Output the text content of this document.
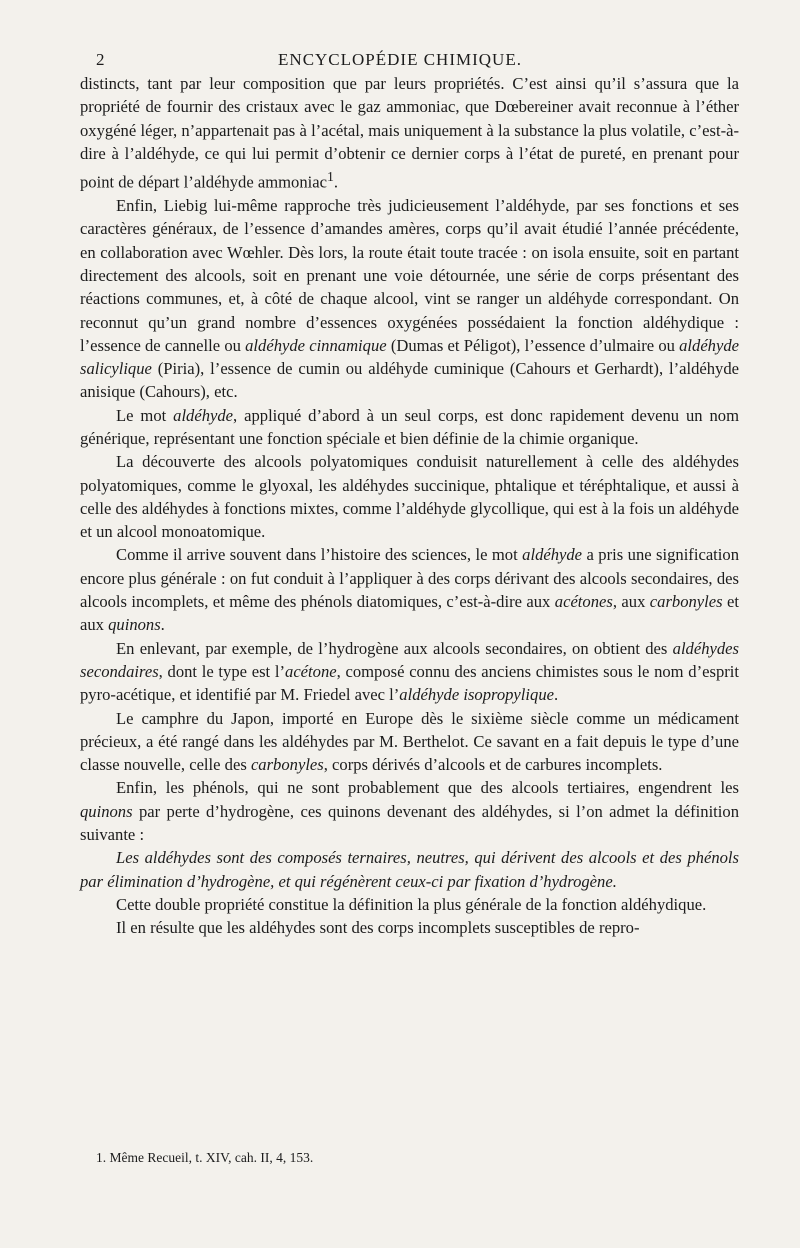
2	ENCYCLOPÉDIE CHIMIQUE.

distincts, tant par leur composition que par leurs propriétés. C’est ainsi qu’il s’assura que la propriété de fournir des cristaux avec le gaz ammoniac, que Dœbereiner avait reconnue à l’éther oxygéné léger, n’appartenait pas à l’acétal, mais uniquement à la substance la plus volatile, c’est-à-dire à l’aldéhyde, ce qui lui permit d’obtenir ce dernier corps à l’état de pureté, en prenant pour point de départ l’aldéhyde ammoniac$^1$.

Enfin, Liebig lui-même rapproche très judicieusement l’aldéhyde, par ses fonctions et ses caractères généraux, de l’essence d’amandes amères, corps qu’il avait étudié l’année précédente, en collaboration avec Wœhler. Dès lors, la route était toute tracée : on isola ensuite, soit en partant directement des alcools, soit en prenant une voie détournée, une série de corps présentant des réactions communes, et, à côté de chaque alcool, vint se ranger un aldéhyde correspondant. On reconnut qu’un grand nombre d’essences oxygénées possédaient la fonction aldéhydique : l’essence de cannelle ou aldéhyde cinnamique (Dumas et Péligot), l’essence d’ulmaire ou aldéhyde salicylique (Piria), l’essence de cumin ou aldéhyde cuminique (Cahours et Gerhardt), l’aldéhyde anisique (Cahours), etc.

Le mot aldéhyde, appliqué d’abord à un seul corps, est donc rapidement devenu un nom générique, représentant une fonction spéciale et bien définie de la chimie organique.

La découverte des alcools polyatomiques conduisit naturellement à celle des aldéhydes polyatomiques, comme le glyoxal, les aldéhydes succinique, phtalique et téréphtalique, et aussi à celle des aldéhydes à fonctions mixtes, comme l’aldéhyde glycollique, qui est à la fois un aldéhyde et un alcool monoatomique.

Comme il arrive souvent dans l’histoire des sciences, le mot aldéhyde a pris une signification encore plus générale : on fut conduit à l’appliquer à des corps dérivant des alcools secondaires, des alcools incomplets, et même des phénols diatomiques, c’est-à-dire aux acétones, aux carbonyles et aux quinons.

En enlevant, par exemple, de l’hydrogène aux alcools secondaires, on obtient des aldéhydes secondaires, dont le type est l’acétone, composé connu des anciens chimistes sous le nom d’esprit pyro-acétique, et identifié par M. Friedel avec l’aldéhyde isopropylique.

Le camphre du Japon, importé en Europe dès le sixième siècle comme un médicament précieux, a été rangé dans les aldéhydes par M. Berthelot. Ce savant en a fait depuis le type d’une classe nouvelle, celle des carbonyles, corps dérivés d’alcools et de carbures incomplets.

Enfin, les phénols, qui ne sont probablement que des alcools tertiaires, engendrent les quinons par perte d’hydrogène, ces quinons devenant des aldéhydes, si l’on admet la définition suivante :

Les aldéhydes sont des composés ternaires, neutres, qui dérivent des alcools et des phénols par élimination d’hydrogène, et qui régénèrent ceux-ci par fixation d’hydrogène.

Cette double propriété constitue la définition la plus générale de la fonction aldéhydique.

Il en résulte que les aldéhydes sont des corps incomplets susceptibles de repro-

1. Même Recueil, t. XIV, cah. II, 4, 153.
